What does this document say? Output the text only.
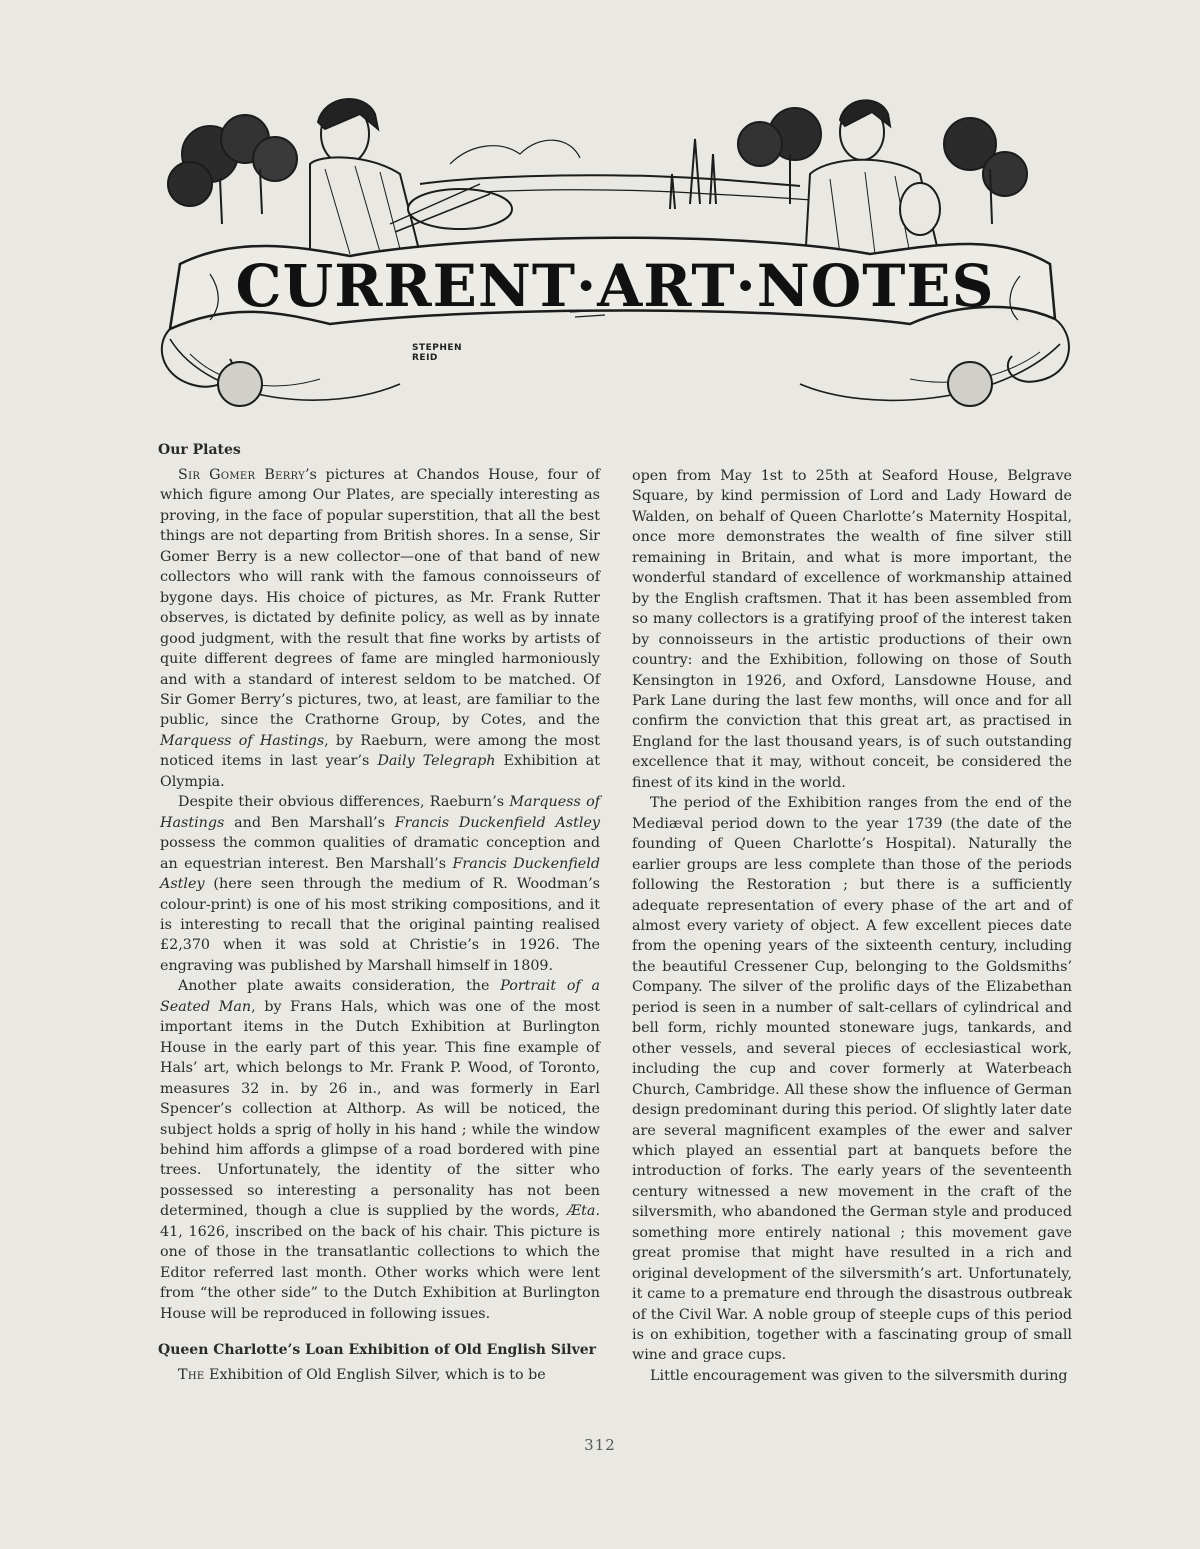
CURRENT·ART·NOTES
STEPHEN
REID
Our Plates

Sir Gomer Berry’s pictures at Chandos House, four of which figure among Our Plates, are specially interesting as proving, in the face of popular superstition, that all the best things are not departing from British shores. In a sense, Sir Gomer Berry is a new collector—one of that band of new collectors who will rank with the famous connoisseurs of bygone days. His choice of pictures, as Mr. Frank Rutter observes, is dictated by definite policy, as well as by innate good judgment, with the result that fine works by artists of quite different degrees of fame are mingled harmoniously and with a standard of interest seldom to be matched. Of Sir Gomer Berry’s pictures, two, at least, are familiar to the public, since the Crathorne Group, by Cotes, and the Marquess of Hastings, by Raeburn, were among the most noticed items in last year’s Daily Telegraph Exhibition at Olympia.

Despite their obvious differences, Raeburn’s Marquess of Hastings and Ben Marshall’s Francis Duckenfield Astley possess the common qualities of dramatic conception and an equestrian interest. Ben Marshall’s Francis Duckenfield Astley (here seen through the medium of R. Woodman’s colour-print) is one of his most striking compositions, and it is interesting to recall that the original painting realised £2,370 when it was sold at Christie’s in 1926. The engraving was published by Marshall himself in 1809.

Another plate awaits consideration, the Portrait of a Seated Man, by Frans Hals, which was one of the most important items in the Dutch Exhibition at Burlington House in the early part of this year. This fine example of Hals’ art, which belongs to Mr. Frank P. Wood, of Toronto, measures 32 in. by 26 in., and was formerly in Earl Spencer’s collection at Althorp. As will be noticed, the subject holds a sprig of holly in his hand ; while the window behind him affords a glimpse of a road bordered with pine trees. Unfortunately, the identity of the sitter who possessed so interesting a personality has not been determined, though a clue is supplied by the words, Æta. 41, 1626, inscribed on the back of his chair. This picture is one of those in the transatlantic collections to which the Editor referred last month. Other works which were lent from “the other side” to the Dutch Exhibition at Burlington House will be reproduced in following issues.

Queen Charlotte’s Loan Exhibition of Old English Silver

The Exhibition of Old English Silver, which is to be

open from May 1st to 25th at Seaford House, Belgrave Square, by kind permission of Lord and Lady Howard de Walden, on behalf of Queen Charlotte’s Maternity Hospital, once more demonstrates the wealth of fine silver still remaining in Britain, and what is more important, the wonderful standard of excellence of workmanship attained by the English craftsmen. That it has been assembled from so many collectors is a gratifying proof of the interest taken by connoisseurs in the artistic productions of their own country: and the Exhibition, following on those of South Kensington in 1926, and Oxford, Lansdowne House, and Park Lane during the last few months, will once and for all confirm the conviction that this great art, as practised in England for the last thousand years, is of such outstanding excellence that it may, without conceit, be considered the finest of its kind in the world.

The period of the Exhibition ranges from the end of the Mediæval period down to the year 1739 (the date of the founding of Queen Charlotte’s Hospital). Naturally the earlier groups are less complete than those of the periods following the Restoration ; but there is a sufficiently adequate representation of every phase of the art and of almost every variety of object. A few excellent pieces date from the opening years of the sixteenth century, including the beautiful Cressener Cup, belonging to the Goldsmiths’ Company. The silver of the prolific days of the Elizabethan period is seen in a number of salt-cellars of cylindrical and bell form, richly mounted stoneware jugs, tankards, and other vessels, and several pieces of ecclesiastical work, including the cup and cover formerly at Waterbeach Church, Cambridge. All these show the influence of German design predominant during this period. Of slightly later date are several magnificent examples of the ewer and salver which played an essential part at banquets before the introduction of forks. The early years of the seventeenth century witnessed a new movement in the craft of the silversmith, who abandoned the German style and produced something more entirely national ; this movement gave great promise that might have resulted in a rich and original development of the silversmith’s art. Unfortunately, it came to a premature end through the disastrous outbreak of the Civil War. A noble group of steeple cups of this period is on exhibition, together with a fascinating group of small wine and grace cups.

Little encouragement was given to the silversmith during

312
